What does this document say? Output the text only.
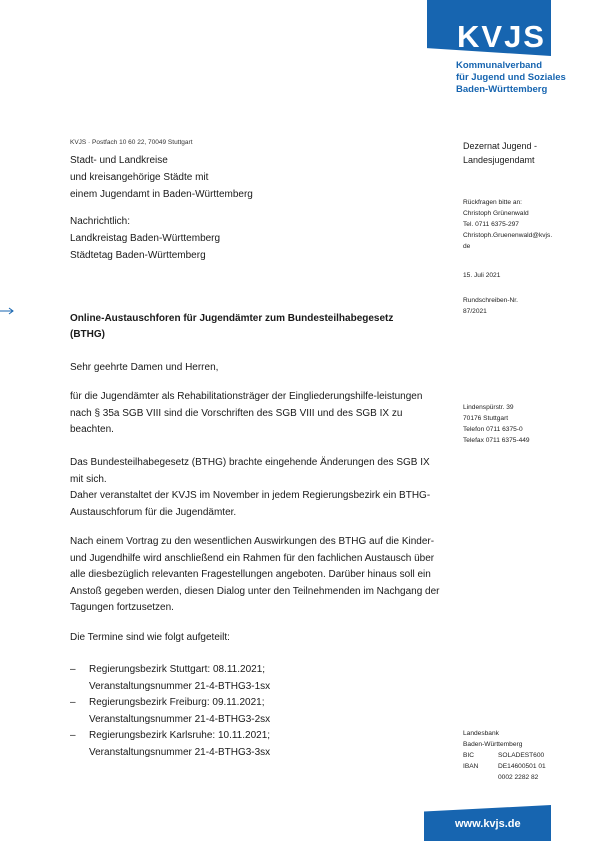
KVJS
Kommunalverband
für Jugend und Soziales
Baden-Württemberg
KVJS · Postfach 10 60 22, 70049 Stuttgart
Stadt- und Landkreise
und kreisangehörige Städte mit
einem Jugendamt in Baden-Württemberg
Nachrichtlich:
Landkreistag Baden-Württemberg
Städtetag Baden-Württemberg
Dezernat Jugend -
Landesjugendamt
Rückfragen bitte an:
Christoph Grünenwald
Tel. 0711 6375-297
Christoph.Gruenenwald@kvjs.
de
15. Juli 2021
Rundschreiben-Nr.
87/2021
Lindenspürstr. 39
70176 Stuttgart
Telefon 0711 6375-0
Telefax 0711 6375-449
Landesbank
Baden-Württemberg
BIC	SOLADEST600
IBAN	DE14600501 01
0002 2282 82
Online-Austauschforen für Jugendämter zum Bundesteilhabegesetz (BTHG)
Sehr geehrte Damen und Herren,
für die Jugendämter als Rehabilitationsträger der Eingliederungshilfe-leistungen nach § 35a SGB VIII sind die Vorschriften des SGB VIII und des SGB IX zu beachten.
Das Bundesteilhabegesetz (BTHG) brachte eingehende Änderungen des SGB IX mit sich.
Daher veranstaltet der KVJS im November in jedem Regierungsbezirk ein BTHG-Austauschforum für die Jugendämter.
Nach einem Vortrag zu den wesentlichen Auswirkungen des BTHG auf die Kinder- und Jugendhilfe wird anschließend ein Rahmen für den fachlichen Austausch über alle diesbezüglich relevanten Fragestellungen angeboten. Darüber hinaus soll ein Anstoß gegeben werden, diesen Dialog unter den Teilnehmenden im Nachgang der Tagungen fortzusetzen.
Die Termine sind wie folgt aufgeteilt:
–	Regierungsbezirk Stuttgart: 08.11.2021;
Veranstaltungsnummer 21-4-BTHG3-1sx
–	Regierungsbezirk Freiburg: 09.11.2021;
Veranstaltungsnummer 21-4-BTHG3-2sx
–	Regierungsbezirk Karlsruhe: 10.11.2021;
Veranstaltungsnummer 21-4-BTHG3-3sx
www.kvjs.de
